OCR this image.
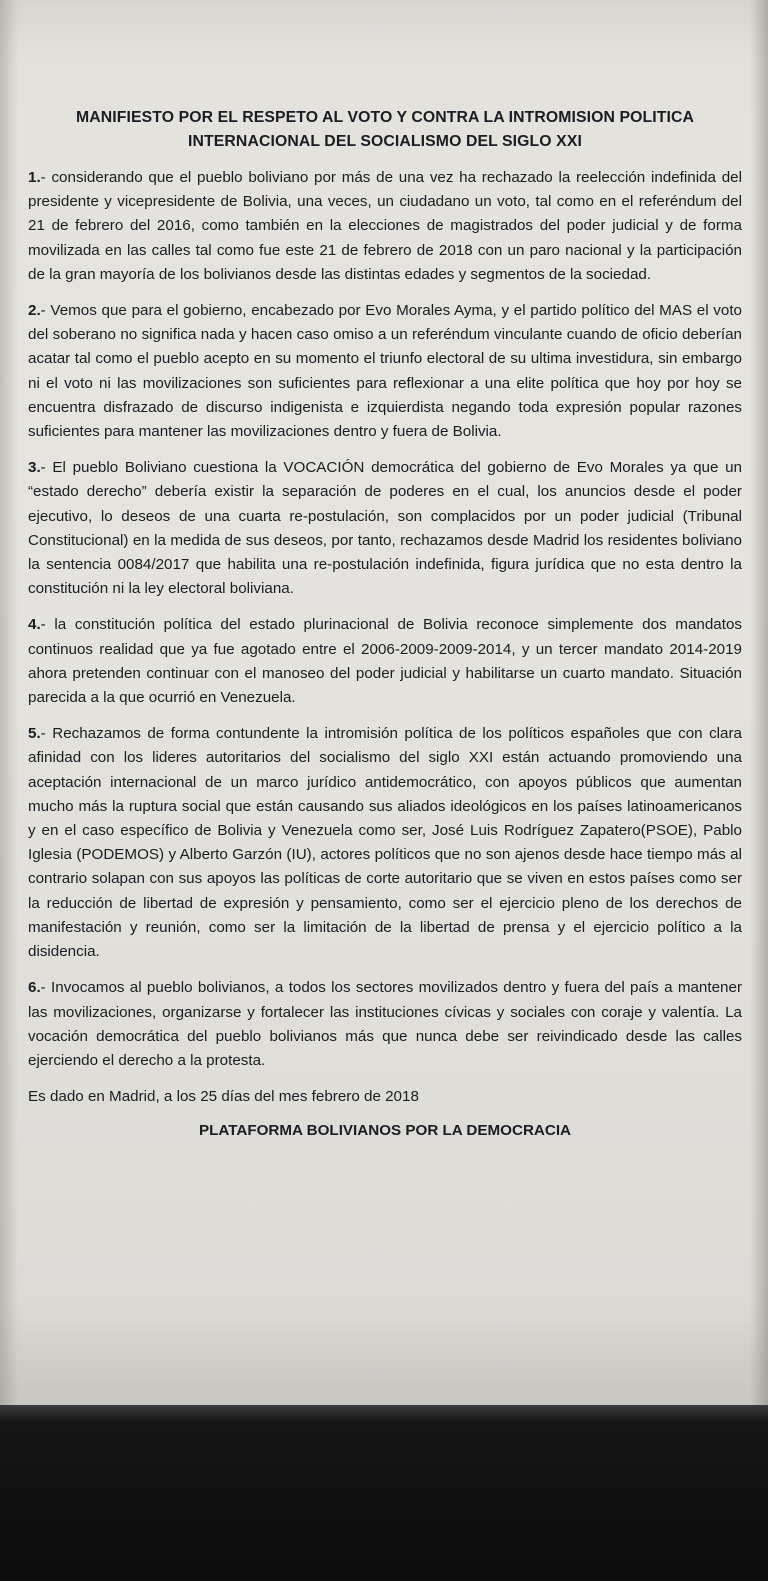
MANIFIESTO POR EL RESPETO AL VOTO Y CONTRA LA INTROMISION POLITICA
INTERNACIONAL DEL SOCIALISMO DEL SIGLO XXI

1.- considerando que el pueblo boliviano por más de una vez ha rechazado la reelección indefinida del presidente y vicepresidente de Bolivia, una veces, un ciudadano un voto, tal como en el referéndum del 21 de febrero del 2016, como también en la elecciones de magistrados del poder judicial y de forma movilizada en las calles tal como fue este 21 de febrero de 2018 con un paro nacional y la participación de la gran mayoría de los bolivianos desde las distintas edades y segmentos de la sociedad.

2.- Vemos que para el gobierno, encabezado por Evo Morales Ayma, y el partido político del MAS el voto del soberano no significa nada y hacen caso omiso a un referéndum vinculante cuando de oficio deberían acatar tal como el pueblo acepto en su momento el triunfo electoral de su ultima investidura, sin embargo ni el voto ni las movilizaciones son suficientes para reflexionar a una elite política que hoy por hoy se encuentra disfrazado de discurso indigenista e izquierdista negando toda expresión popular razones suficientes para mantener las movilizaciones dentro y fuera de Bolivia.

3.- El pueblo Boliviano cuestiona la VOCACIÓN democrática del gobierno de Evo Morales ya que un “estado derecho” debería existir la separación de poderes en el cual, los anuncios desde el poder ejecutivo, lo deseos de una cuarta re-postulación, son complacidos por un poder judicial (Tribunal Constitucional) en la medida de sus deseos, por tanto, rechazamos desde Madrid los residentes boliviano la sentencia 0084/2017 que habilita una re-postulación indefinida, figura jurídica que no esta dentro la constitución ni la ley electoral boliviana.

4.- la constitución política del estado plurinacional de Bolivia reconoce simplemente dos mandatos continuos realidad que ya fue agotado entre el 2006-2009-2009-2014, y un tercer mandato 2014-2019 ahora pretenden continuar con el manoseo del poder judicial y habilitarse un cuarto mandato. Situación parecida a la que ocurrió en Venezuela.

5.- Rechazamos de forma contundente la intromisión política de los políticos españoles que con clara afinidad con los lideres autoritarios del socialismo del siglo XXI están actuando promoviendo una aceptación internacional de un marco jurídico antidemocrático, con apoyos públicos que aumentan mucho más la ruptura social que están causando sus aliados ideológicos en los países latinoamericanos y en el caso específico de Bolivia y Venezuela como ser, José Luis Rodríguez Zapatero(PSOE), Pablo Iglesia (PODEMOS) y Alberto Garzón (IU), actores políticos que no son ajenos desde hace tiempo más al contrario solapan con sus apoyos las políticas de corte autoritario que se viven en estos países como ser la reducción de libertad de expresión y pensamiento, como ser el ejercicio pleno de los derechos de manifestación y reunión, como ser la limitación de la libertad de prensa y el ejercicio político a la disidencia.

6.- Invocamos al pueblo bolivianos, a todos los sectores movilizados dentro y fuera del país a mantener las movilizaciones, organizarse y fortalecer las instituciones cívicas y sociales con coraje y valentía. La vocación democrática del pueblo bolivianos más que nunca debe ser reivindicado desde las calles ejerciendo el derecho a la protesta.

Es dado en Madrid, a los 25 días del mes febrero de 2018

PLATAFORMA BOLIVIANOS POR LA DEMOCRACIA
